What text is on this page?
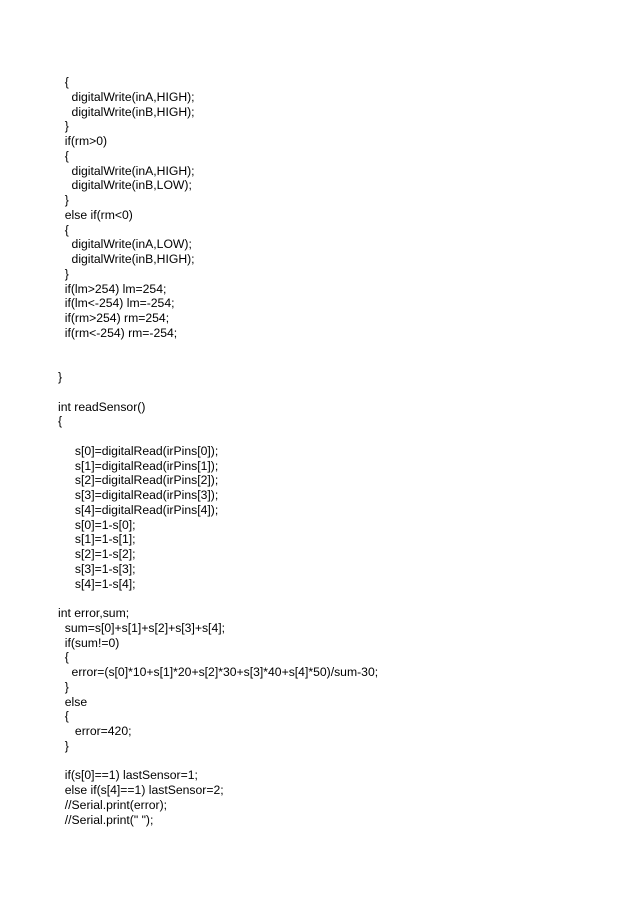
{
digitalWrite(inA,HIGH);
digitalWrite(inB,HIGH);
}
if(rm>0)
{
digitalWrite(inA,HIGH);
digitalWrite(inB,LOW);
}
else if(rm<0)
{
digitalWrite(inA,LOW);
digitalWrite(inB,HIGH);
}
if(lm>254) lm=254;
if(lm<-254) lm=-254;
if(rm>254) rm=254;
if(rm<-254) rm=-254;
}
int readSensor()
{
s[0]=digitalRead(irPins[0]);
s[1]=digitalRead(irPins[1]);
s[2]=digitalRead(irPins[2]);
s[3]=digitalRead(irPins[3]);
s[4]=digitalRead(irPins[4]);
s[0]=1-s[0];
s[1]=1-s[1];
s[2]=1-s[2];
s[3]=1-s[3];
s[4]=1-s[4];
int error,sum;
sum=s[0]+s[1]+s[2]+s[3]+s[4];
if(sum!=0)
{
error=(s[0]*10+s[1]*20+s[2]*30+s[3]*40+s[4]*50)/sum-30;
}
else
{
error=420;
}
if(s[0]==1) lastSensor=1;
else if(s[4]==1) lastSensor=2;
//Serial.print(error);
//Serial.print(" ");
